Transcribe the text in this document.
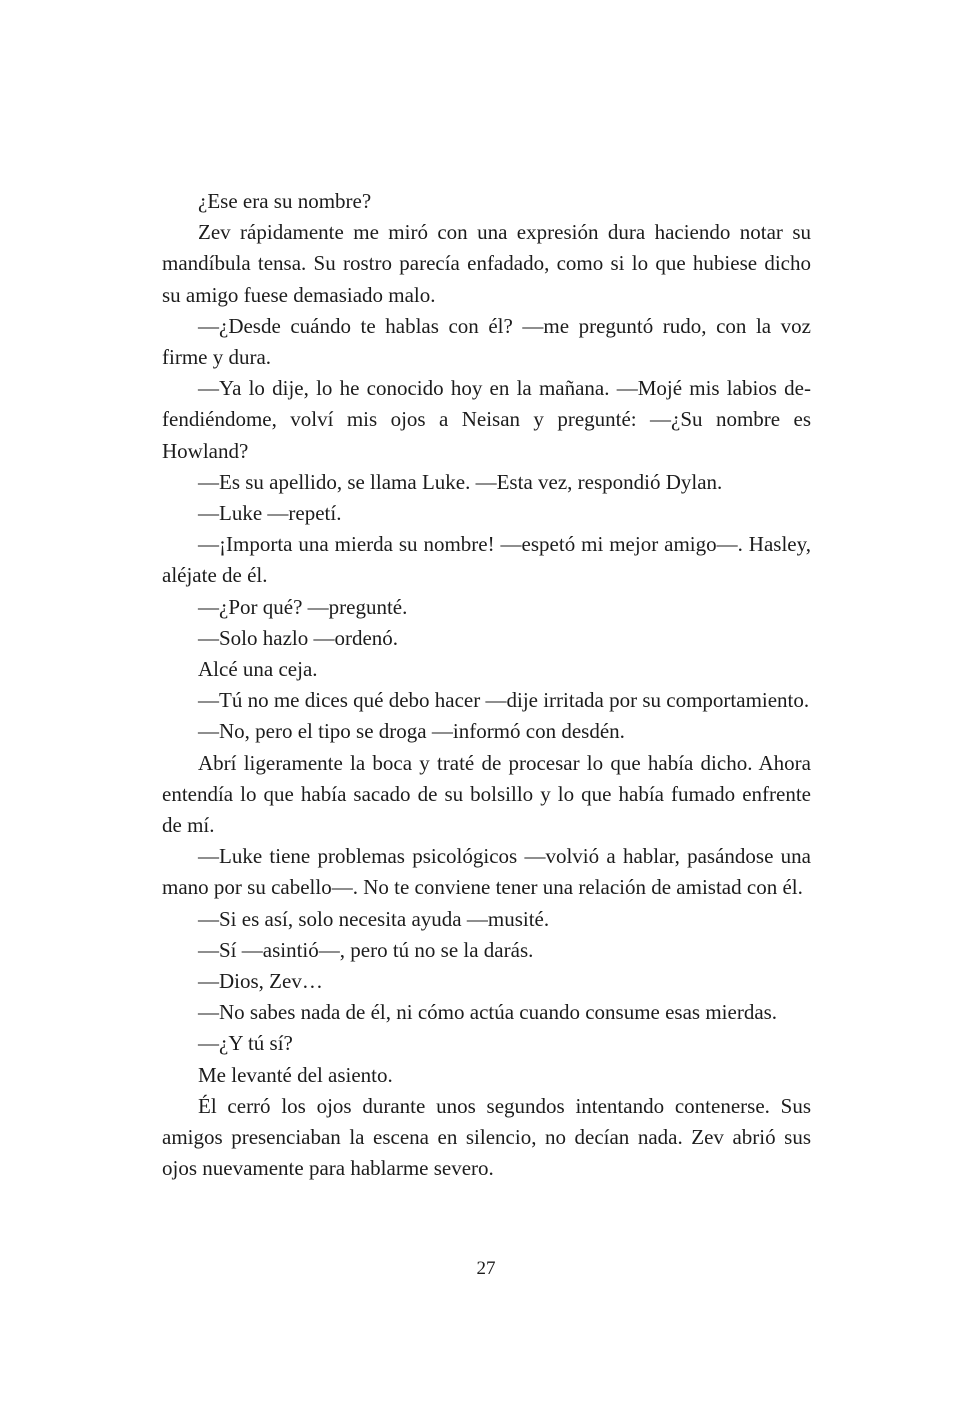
¿Ese era su nombre?

Zev rápidamente me miró con una expresión dura haciendo notar su mandíbula tensa. Su rostro parecía enfadado, como si lo que hubiese dicho su amigo fuese demasiado malo.

—¿Desde cuándo te hablas con él? —me preguntó rudo, con la voz firme y dura.

—Ya lo dije, lo he conocido hoy en la mañana. —Mojé mis labios defendiéndome, volví mis ojos a Neisan y pregunté: —¿Su nombre es Howland?

—Es su apellido, se llama Luke. —Esta vez, respondió Dylan.

—Luke —repetí.

—¡Importa una mierda su nombre! —espetó mi mejor amigo—. Hasley, aléjate de él.

—¿Por qué? —pregunté.

—Solo hazlo —ordenó.

Alcé una ceja.

—Tú no me dices qué debo hacer —dije irritada por su comportamiento.

—No, pero el tipo se droga —informó con desdén.

Abrí ligeramente la boca y traté de procesar lo que había dicho. Ahora entendía lo que había sacado de su bolsillo y lo que había fumado enfrente de mí.

—Luke tiene problemas psicológicos —volvió a hablar, pasándose una mano por su cabello—. No te conviene tener una relación de amistad con él.

—Si es así, solo necesita ayuda —musité.

—Sí —asintió—, pero tú no se la darás.

—Dios, Zev…

—No sabes nada de él, ni cómo actúa cuando consume esas mierdas.

—¿Y tú sí?

Me levanté del asiento.

Él cerró los ojos durante unos segundos intentando contenerse. Sus amigos presenciaban la escena en silencio, no decían nada. Zev abrió sus ojos nuevamente para hablarme severo.

27
